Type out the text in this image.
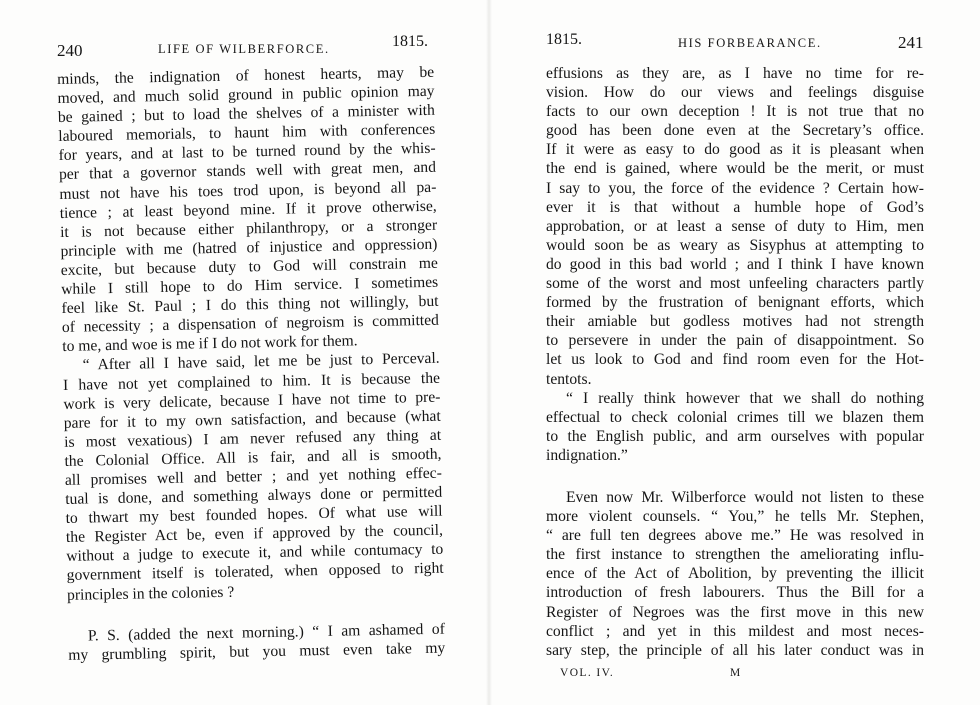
240	LIFE OF WILBERFORCE.	1815.
minds, the indignation of honest hearts, may be
moved, and much solid ground in public opinion may
be gained ; but to load the shelves of a minister with
laboured memorials, to haunt him with conferences
for years, and at last to be turned round by the whis-
per that a governor stands well with great men, and
must not have his toes trod upon, is beyond all pa-
tience ; at least beyond mine. If it prove otherwise,
it is not because either philanthropy, or a stronger
principle with me (hatred of injustice and oppression)
excite, but because duty to God will constrain me
while I still hope to do Him service. I sometimes
feel like St. Paul ; I do this thing not willingly, but
of necessity ; a dispensation of negroism is committed
to me, and woe is me if I do not work for them.
“ After all I have said, let me be just to Perceval.
I have not yet complained to him. It is because the
work is very delicate, because I have not time to pre-
pare for it to my own satisfaction, and because (what
is most vexatious) I am never refused any thing at
the Colonial Office. All is fair, and all is smooth,
all promises well and better ; and yet nothing effec-
tual is done, and something always done or permitted
to thwart my best founded hopes. Of what use will
the Register Act be, even if approved by the council,
without a judge to execute it, and while contumacy to
government itself is tolerated, when opposed to right
principles in the colonies ?
P. S. (added the next morning.) “ I am ashamed of
my grumbling spirit, but you must even take my
1815.	HIS FORBEARANCE.	241
effusions as they are, as I have no time for re-
vision. How do our views and feelings disguise
facts to our own deception ! It is not true that no
good has been done even at the Secretary’s office.
If it were as easy to do good as it is pleasant when
the end is gained, where would be the merit, or must
I say to you, the force of the evidence ? Certain how-
ever it is that without a humble hope of God’s
approbation, or at least a sense of duty to Him, men
would soon be as weary as Sisyphus at attempting to
do good in this bad world ; and I think I have known
some of the worst and most unfeeling characters partly
formed by the frustration of benignant efforts, which
their amiable but godless motives had not strength
to persevere in under the pain of disappointment. So
let us look to God and find room even for the Hot-
tentots.
“ I really think however that we shall do nothing
effectual to check colonial crimes till we blazen them
to the English public, and arm ourselves with popular
indignation.”
Even now Mr. Wilberforce would not listen to these
more violent counsels. “ You,” he tells Mr. Stephen,
“ are full ten degrees above me.” He was resolved in
the first instance to strengthen the ameliorating influ-
ence of the Act of Abolition, by preventing the illicit
introduction of fresh labourers. Thus the Bill for a
Register of Negroes was the first move in this new
conflict ; and yet in this mildest and most neces-
sary step, the principle of all his later conduct was in
VOL. IV.	M
